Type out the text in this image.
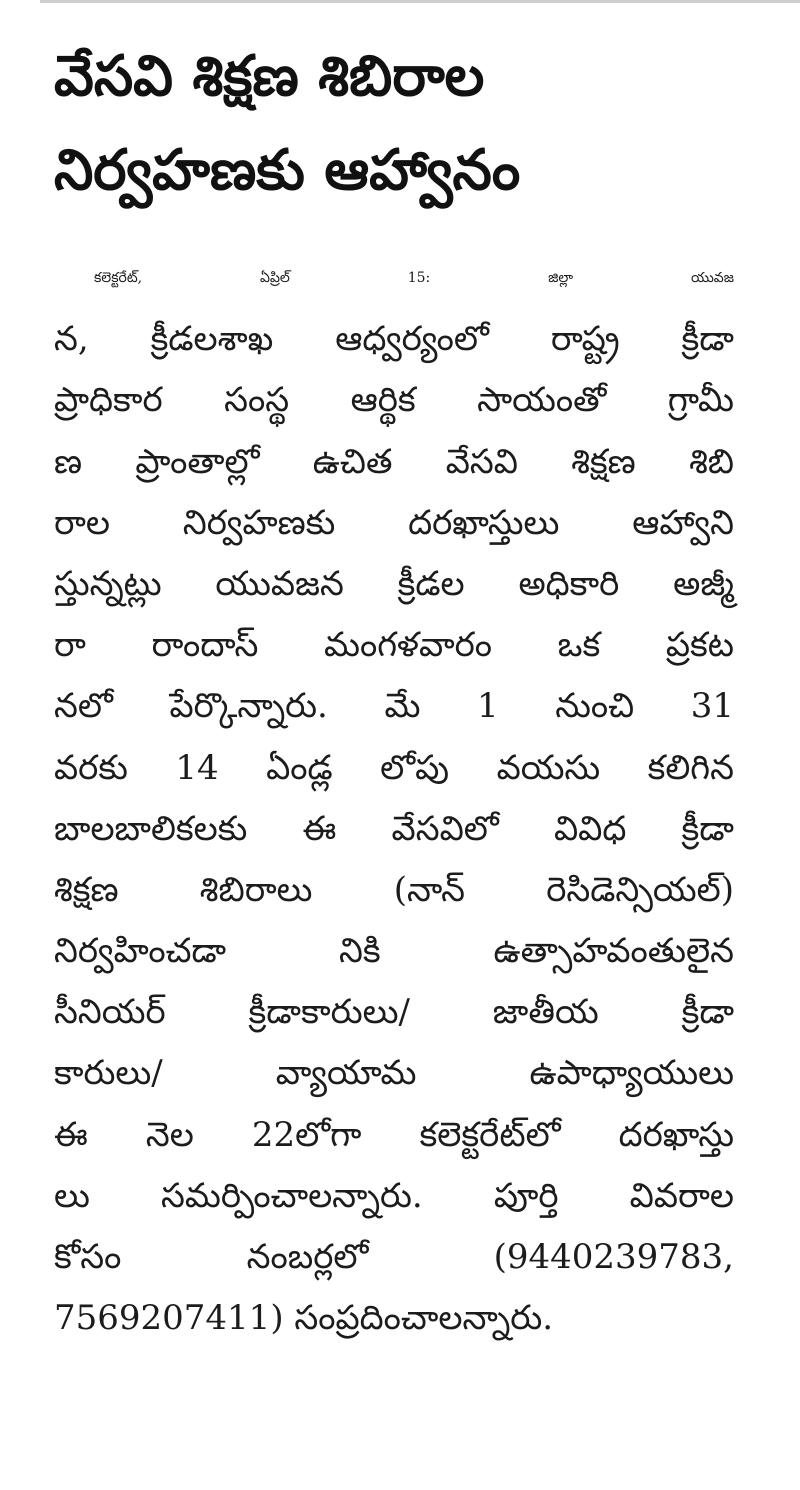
వేసవి శిక్షణ శిబిరాల
నిర్వహణకు ఆహ్వానం
కలెక్టరేట్, ఏప్రిల్ 15: జిల్లా యువజ
న, క్రీడలశాఖ ఆధ్వర్యంలో రాష్ట్ర క్రీడా
ప్రాధికార సంస్థ ఆర్థిక సాయంతో గ్రామీ
ణ ప్రాంతాల్లో ఉచిత వేసవి శిక్షణ శిబి
రాల నిర్వహణకు దరఖాస్తులు ఆహ్వాని
స్తున్నట్లు యువజన క్రీడల అధికారి అజ్మీ
రా రాందాస్ మంగళవారం ఒక ప్రకట
నలో పేర్కొన్నారు. మే 1 నుంచి 31
వరకు 14 ఏండ్ల లోపు వయసు కలిగిన
బాలబాలికలకు ఈ వేసవిలో వివిధ క్రీడా
శిక్షణ శిబిరాలు (నాన్ రెసిడెన్సియల్)
నిర్వహించడా నికి ఉత్సాహవంతులైన
సీనియర్ క్రీడాకారులు/ జాతీయ క్రీడా
కారులు/ వ్యాయామ ఉపాధ్యాయులు
ఈ నెల 22లోగా కలెక్టరేట్‌లో దరఖాస్తు
లు సమర్పించాలన్నారు. పూర్తి వివరాల
కోసం నంబర్లలో (9440239783,
7569207411) సంప్రదించాలన్నారు.
